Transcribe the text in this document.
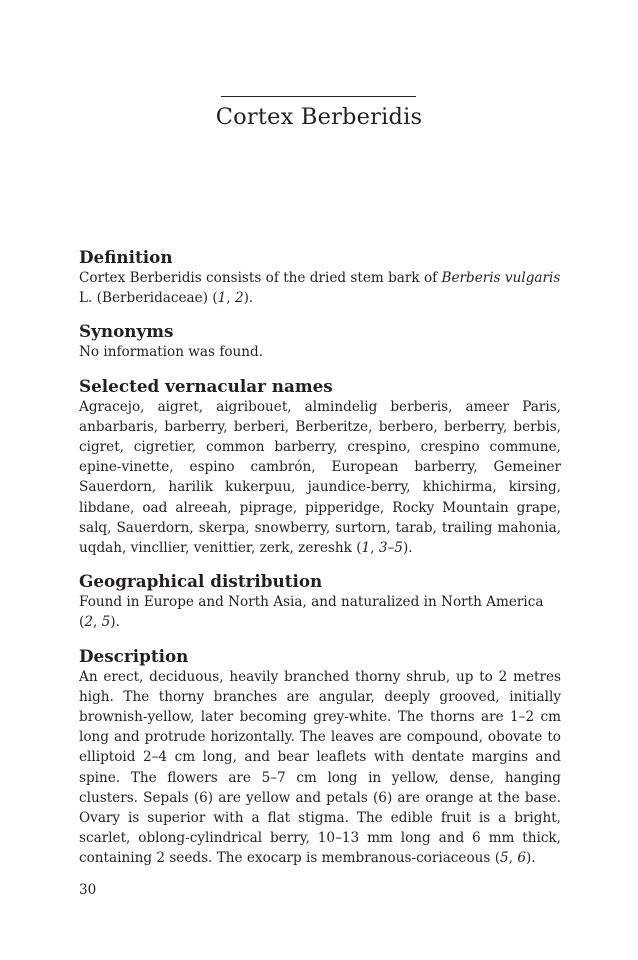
Cortex Berberidis
Definition

Cortex Berberidis consists of the dried stem bark of Berberis vulgaris L. (Berberidaceae) (1, 2).

Synonyms

No information was found.

Selected vernacular names

Agracejo, aigret, aigribouet, almindelig berberis, ameer Paris, anbarbaris, barberry, berberi, Berberitze, berbero, berberry, berbis, cigret, cigretier, common barberry, crespino, crespino commune, epine-vinette, espino cambrón, European barberry, Gemeiner Sauerdorn, harilik kukerpuu, jaundice-berry, khichirma, kirsing, libdane, oad alreeah, piprage, pipperidge, Rocky Mountain grape, salq, Sauerdorn, skerpa, snowberry, surtorn, tarab, trailing mahonia, uqdah, vincllier, venittier, zerk, zereshk (1, 3–5).

Geographical distribution

Found in Europe and North Asia, and naturalized in North America (2, 5).

Description

An erect, deciduous, heavily branched thorny shrub, up to 2 metres high. The thorny branches are angular, deeply grooved, initially brownish-yellow, later becoming grey-white. The thorns are 1–2 cm long and protrude horizontally. The leaves are compound, obovate to elliptoid 2–4 cm long, and bear leaflets with dentate margins and spine. The flowers are 5–7 cm long in yellow, dense, hanging clusters. Sepals (6) are yellow and petals (6) are orange at the base. Ovary is superior with a flat stigma. The edible fruit is a bright, scarlet, oblong-cylindrical berry, 10–13 mm long and 6 mm thick, containing 2 seeds. The exocarp is membranous-coriaceous (5, 6).

30
